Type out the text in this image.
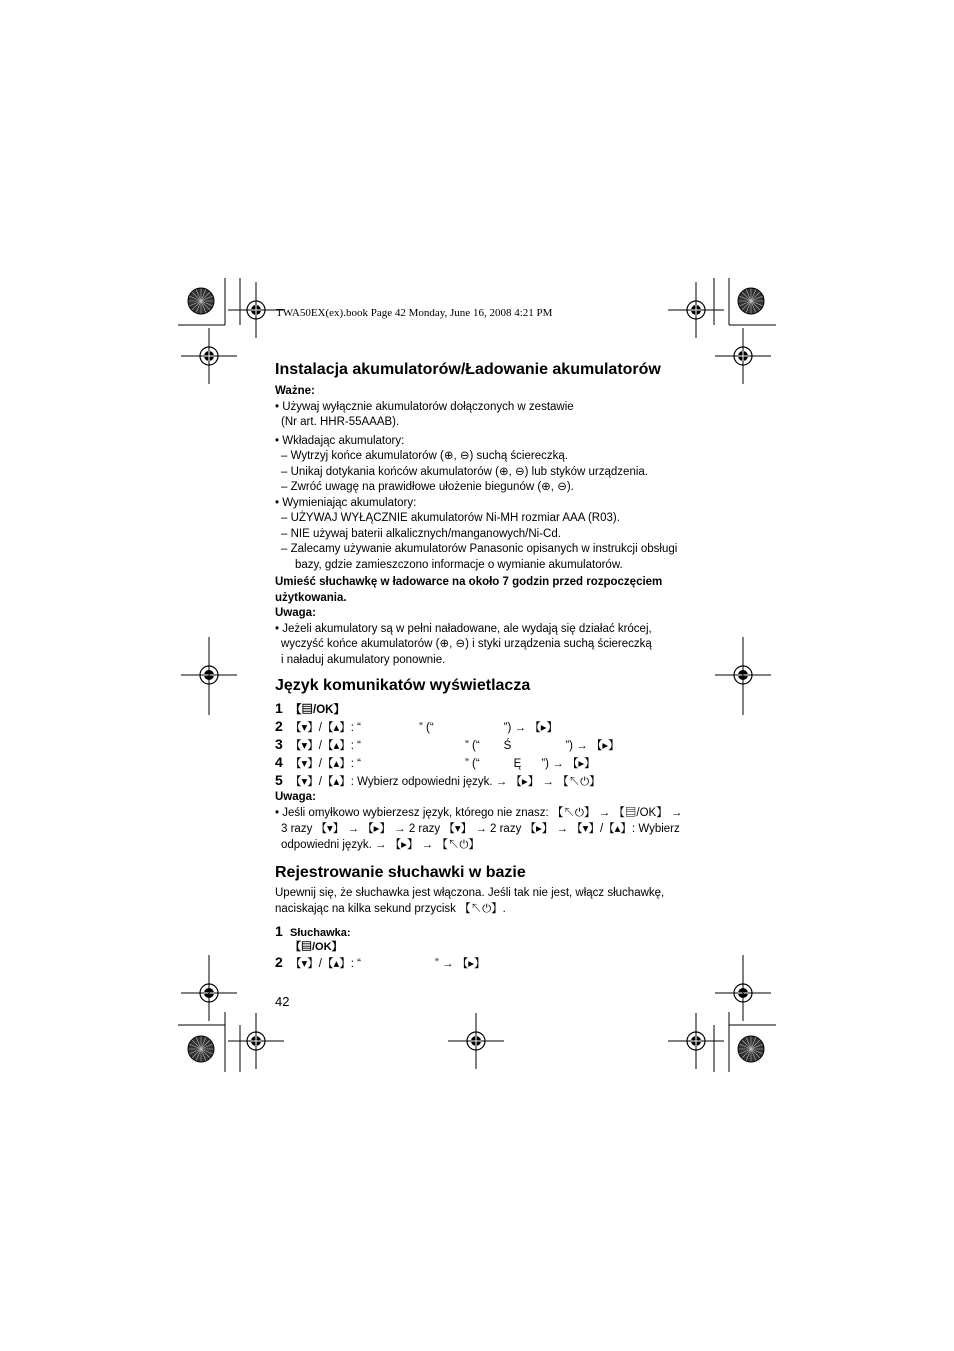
TWA50EX(ex).book Page 42 Monday, June 16, 2008 4:21 PM
Instalacja akumulatorów/Ładowanie akumulatorów
Ważne:
• Używaj wyłącznie akumulatorów dołączonych w zestawie
(Nr art. HHR-55AAAB).
• Wkładając akumulatory:
– Wytrzyj końce akumulatorów (⊕, ⊖) suchą ściereczką.
– Unikaj dotykania końców akumulatorów (⊕, ⊖) lub styków urządzenia.
– Zwróć uwagę na prawidłowe ułożenie biegunów (⊕, ⊖).
• Wymieniając akumulatory:
– UŻYWAJ WYŁĄCZNIE akumulatorów Ni-MH rozmiar AAA (R03).
– NIE używaj baterii alkalicznych/manganowych/Ni-Cd.
– Zalecamy używanie akumulatorów Panasonic opisanych w instrukcji obsługi
bazy, gdzie zamieszczono informacje o wymianie akumulatorów.
Umieść słuchawkę w ładowarce na około 7 godzin przed rozpoczęciem
użytkowania.
Uwaga:
• Jeżeli akumulatory są w pełni naładowane, ale wydają się działać krócej,
wyczyść końce akumulatorów (⊕, ⊖) i styki urządzenia suchą ściereczką
i naładuj akumulatory ponownie.
Język komunikatów wyświetlacza
1 【▤/OK】
2 【▾】/【▴】: “	” (“	”) → 【▸】
3 【▾】/【▴】: “	” (“ Ś	”) → 【▸】
4 【▾】/【▴】: “	” (“	Ę ”) → 【▸】
5 【▾】/【▴】: Wybierz odpowiedni język. → 【▸】 → 【↖⏻】
Uwaga:
• Jeśli omyłkowo wybierzesz język, którego nie znasz: 【↖⏻】 → 【▤/OK】 →
3 razy 【▾】 → 【▸】 → 2 razy 【▾】 → 2 razy 【▸】 → 【▾】/【▴】: Wybierz
odpowiedni język. → 【▸】 → 【↖⏻】
Rejestrowanie słuchawki w bazie
Upewnij się, że słuchawka jest włączona. Jeśli tak nie jest, włącz słuchawkę,
naciskając na kilka sekund przycisk 【↖⏻】.
1 Słuchawka:
【▤/OK】
2 【▾】/【▴】: “	” → 【▸】
42
